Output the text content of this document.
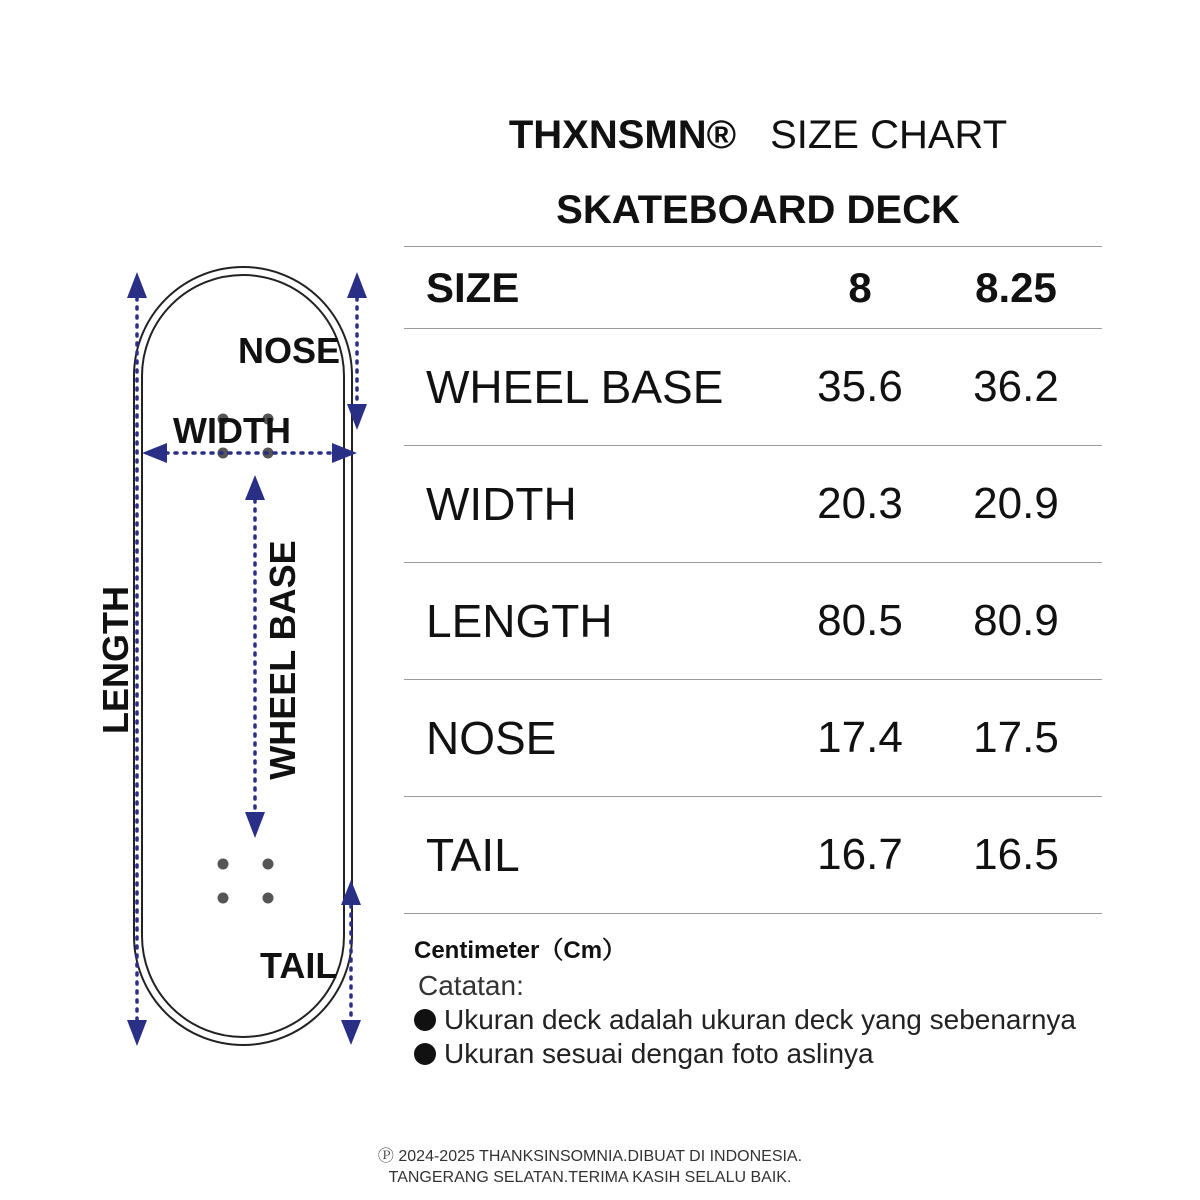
THXNSMN® SIZE CHART
SKATEBOARD DECK
SIZE	8	8.25
WHEEL BASE	35.6	36.2
WIDTH	20.3	20.9
LENGTH	80.5	80.9
NOSE	17.4	17.5
TAIL	16.7	16.5
Centimeter（Cm）
Catatan:
Ukuran deck adalah ukuran deck yang sebenarnya
Ukuran sesuai dengan foto aslinya
NOSE
WIDTH
LENGTH	WHEEL BASE
TAIL
Ⓟ 2024-2025 THANKSINSOMNIA.DIBUAT DI INDONESIA.
TANGERANG SELATAN.TERIMA KASIH SELALU BAIK.
